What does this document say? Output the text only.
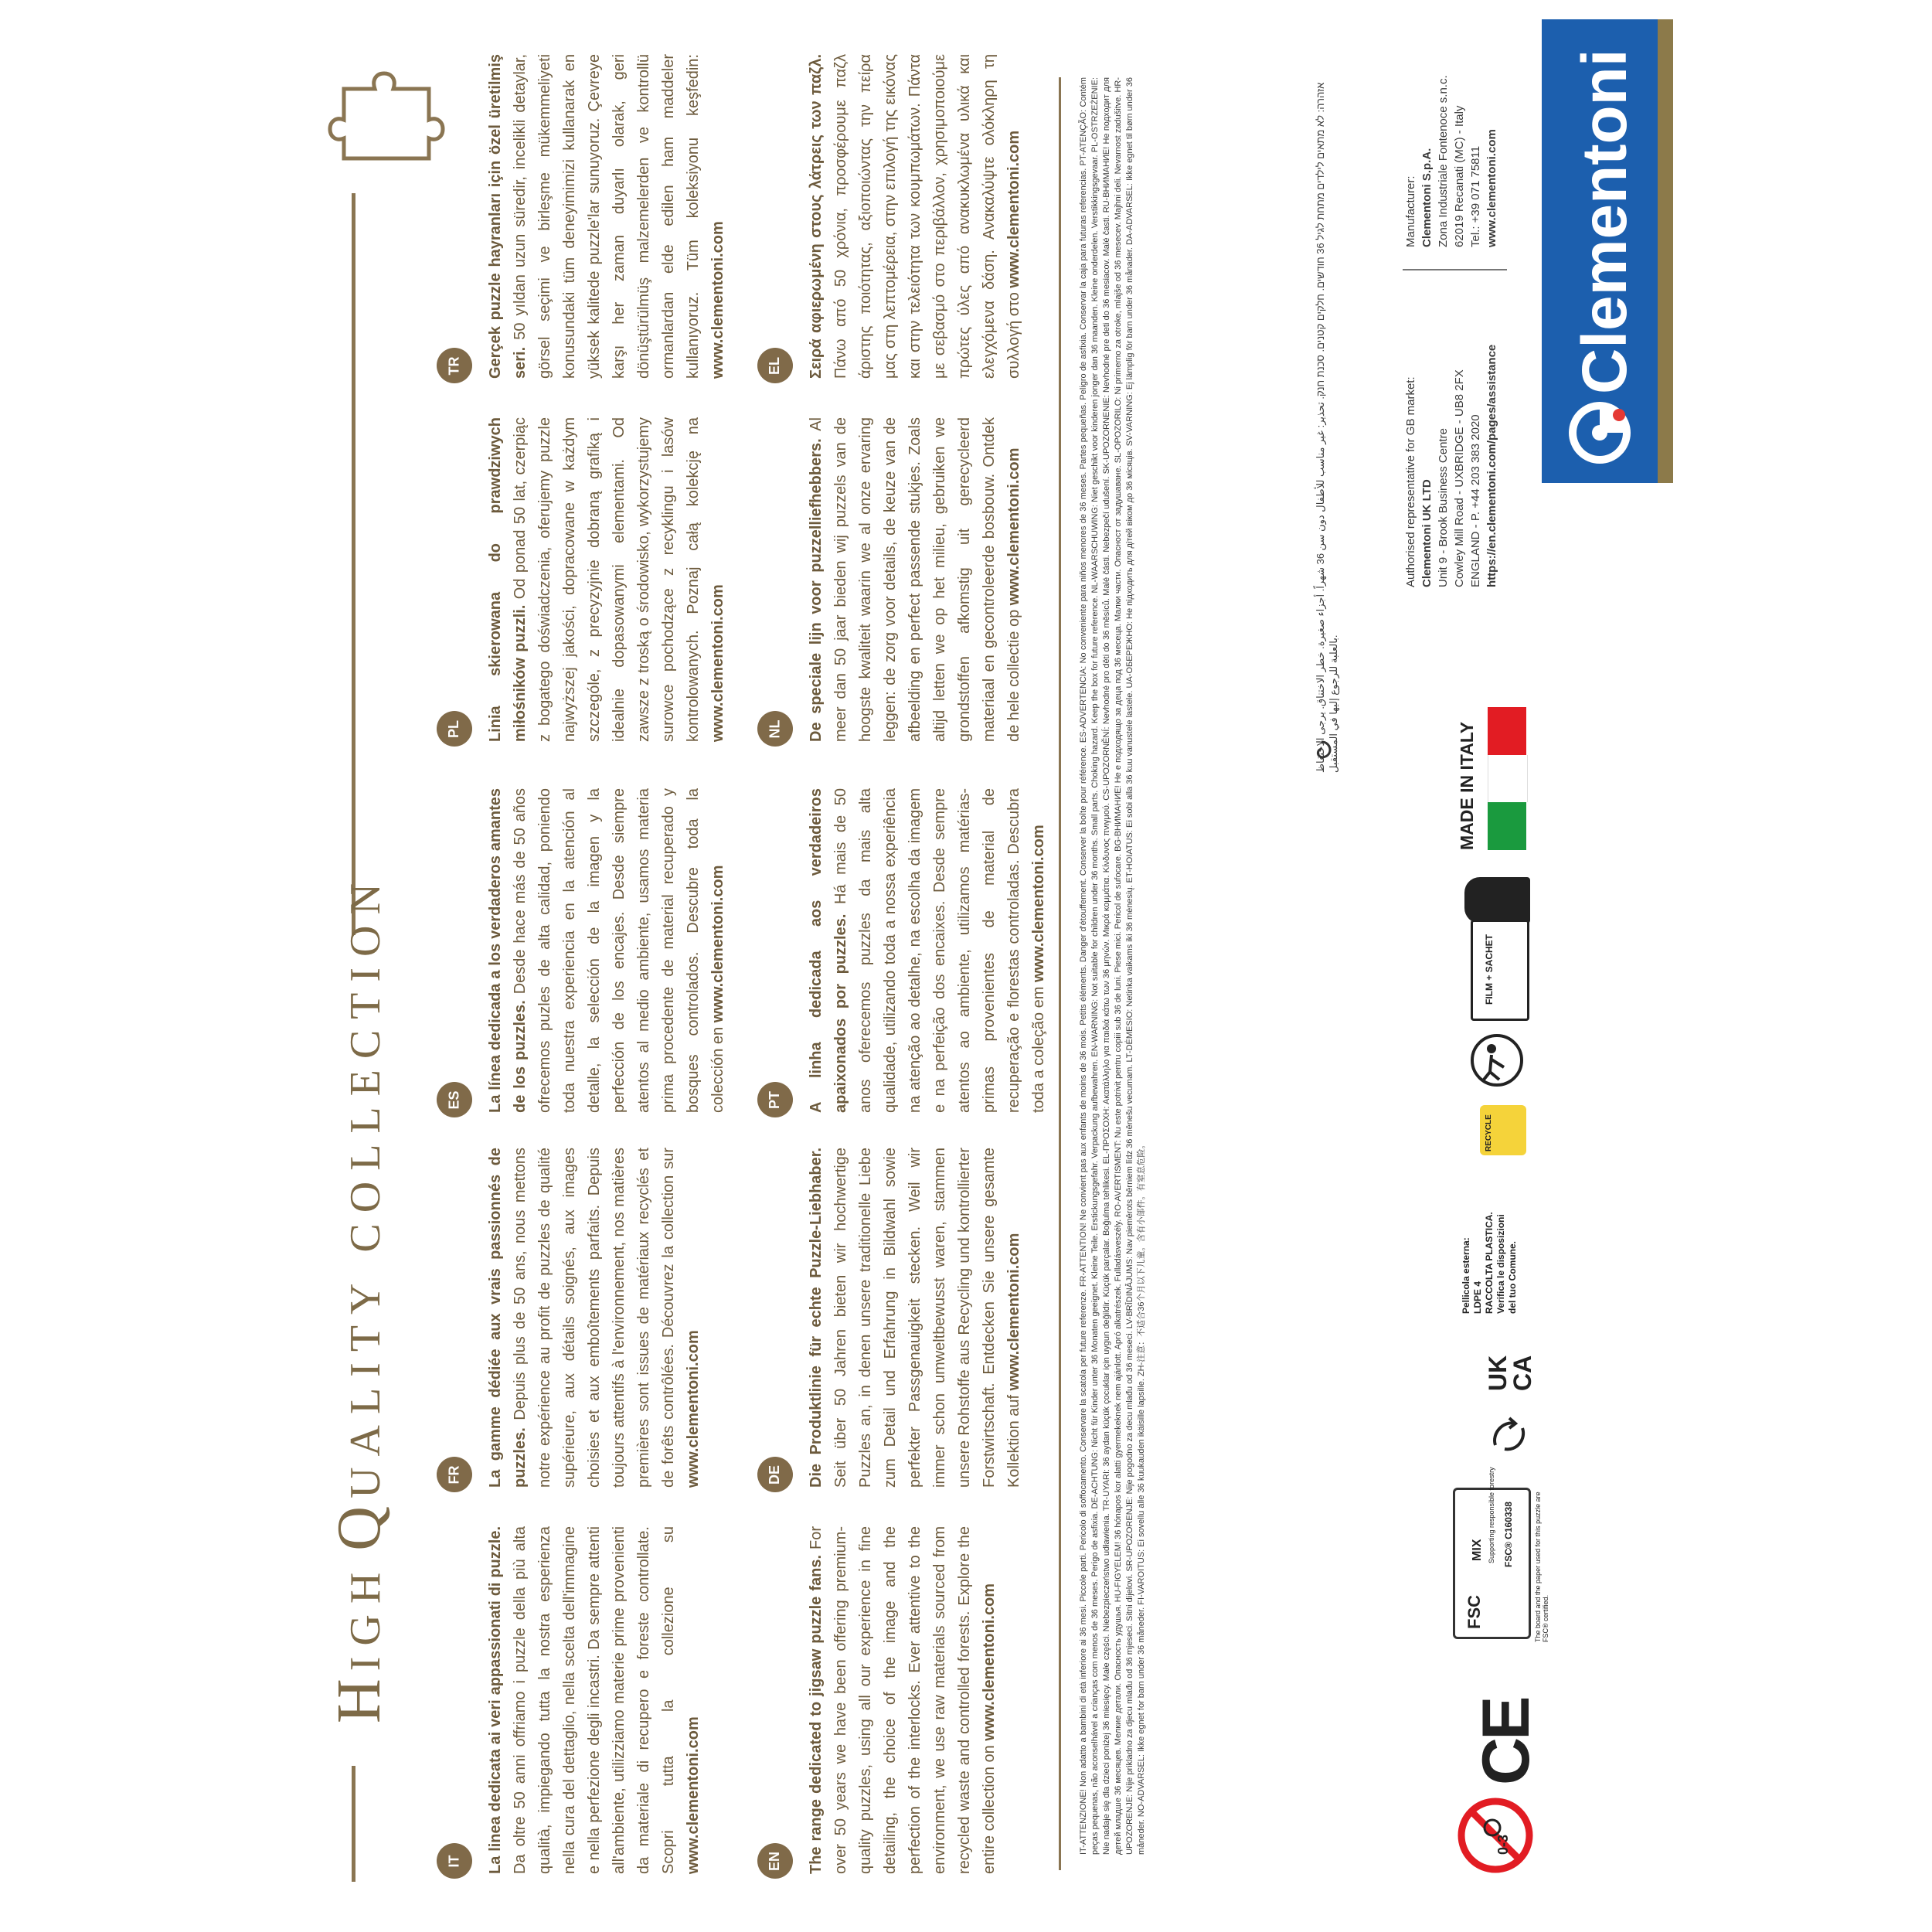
HIGH QUALITY COLLECTION
IT La linea dedicata ai veri appassionati di puzzle. Da oltre 50 anni offriamo i puzzle della più alta qualità, impiegando tutta la nostra esperienza nella cura del dettaglio, nella scelta dell'immagine e nella perfezione degli incastri. Da sempre attenti all'ambiente, utilizziamo materie prime provenienti da materiale di recupero e foreste controllate. Scopri tutta la collezione su www.clementoni.com
FR La gamme dédiée aux vrais passionnés de puzzles. Depuis plus de 50 ans, nous mettons notre expérience au profit de puzzles de qualité supérieure, aux détails soignés, aux images choisies et aux emboîtements parfaits. Depuis toujours attentifs à l'environnement, nos matières premières sont issues de matériaux recyclés et de forêts contrôlées. Découvrez la collection sur www.clementoni.com
ES La línea dedicada a los verdaderos amantes de los puzzles. Desde hace más de 50 años ofrecemos puzles de alta calidad, poniendo toda nuestra experiencia en la atención al detalle, la selección de la imagen y la perfección de los encajes. Desde siempre atentos al medio ambiente, usamos materia prima procedente de material recuperado y bosques controlados. Descubre toda la colección en www.clementoni.com
PL Linia skierowana do prawdziwych miłośników puzzli. Od ponad 50 lat, czerpiąc z bogatego doświadczenia, oferujemy puzzle najwyższej jakości, dopracowane w każdym szczególe, z precyzyjnie dobraną grafiką i idealnie dopasowanymi elementami. Od zawsze z troską o środowisko, wykorzystujemy surowce pochodzące z recyklingu i lasów kontrolowanych. Poznaj całą kolekcję na www.clementoni.com
TR Gerçek puzzle hayranları için özel üretilmiş seri. 50 yıldan uzun süredir, incelikli detaylar, görsel seçimi ve birleşme mükemmeliyeti konusundaki tüm deneyimimizi kullanarak en yüksek kalitede puzzle'lar sunuyoruz. Çevreye karşı her zaman duyarlı olarak, geri dönüştürülmüş malzemelerden ve kontrollü ormanlardan elde edilen ham maddeler kullanıyoruz. Tüm koleksiyonu keşfedin: www.clementoni.com
EN The range dedicated to jigsaw puzzle fans. For over 50 years we have been offering premium-quality puzzles, using all our experience in fine detailing, the choice of the image and the perfection of the interlocks. Ever attentive to the environment, we use raw materials sourced from recycled waste and controlled forests. Explore the entire collection on www.clementoni.com
DE Die Produktlinie für echte Puzzle-Liebhaber. Seit über 50 Jahren bieten wir hochwertige Puzzles an, in denen unsere traditionelle Liebe zum Detail und Erfahrung in Bildwahl sowie perfekter Passgenauigkeit stecken. Weil wir immer schon umweltbewusst waren, stammen unsere Rohstoffe aus Recycling und kontrollierter Forstwirtschaft. Entdecken Sie unsere gesamte Kollektion auf www.clementoni.com
PT A linha dedicada aos verdadeiros apaixonados por puzzles. Há mais de 50 anos oferecemos puzzles da mais alta qualidade, utilizando toda a nossa experiência na atenção ao detalhe, na escolha da imagem e na perfeição dos encaixes. Desde sempre atentos ao ambiente, utilizamos matérias-primas provenientes de material de recuperação e florestas controladas. Descubra toda a coleção em www.clementoni.com
NL De speciale lijn voor puzzelliefhebbers. Al meer dan 50 jaar bieden wij puzzels van de hoogste kwaliteit waarin we al onze ervaring leggen: de zorg voor details, de keuze van de afbeelding en perfect passende stukjes. Zoals altijd letten we op het milieu, gebruiken we grondstoffen afkomstig uit gerecycleerd materiaal en gecontroleerde bosbouw. Ontdek de hele collectie op www.clementoni.com
EL Σειρά αφιερωμένη στους λάτρεις των παζλ. Πάνω από 50 χρόνια, προσφέρουμε παζλ άριστης ποιότητας, αξιοποιώντας την πείρα μας στη λεπτομέρεια, στην επιλογή της εικόνας και στην τελειότητα των κουμπωμάτων. Πάντα με σεβασμό στο περιβάλλον, χρησιμοποιούμε πρώτες ύλες από ανακυκλωμένα υλικά και ελεγχόμενα δάση. Ανακαλύψτε ολόκληρη τη συλλογή στο www.clementoni.com	IT-ATTENZIONE! Non adatto a bambini di età inferiore ai 36 mesi. Piccole parti. Pericolo di soffocamento. Conservare la scatola per future referenze. FR-ATTENTION! Ne convient pas aux enfants de moins de 36 mois. Petits éléments. Danger d'étouffement. Conserver la boîte pour référence. ES-ADVERTENCIA: No conveniente para niños menores de 36 meses. Partes pequeñas. Peligro de asfixia. Conservar la caja para futuras referencias. PT-ATENÇÃO: Contém peças pequenas, não aconselhável a crianças com menos de 36 meses. Perigo de asfixia. DE-ACHTUNG: Nicht für Kinder unter 36 Monaten geeignet. Kleine Teile. Erstickungsgefahr. Verpackung aufbewahren. EN-WARNING: Not suitable for children under 36 months. Small parts. Choking hazard. Keep the box for future reference. NL-WAARSCHUWING: Niet geschikt voor kinderen jonger dan 36 maanden. Kleine onderdelen. Verstikkingsgevaar. PL-OSTRZEŻENIE: Nie nadaje się dla dzieci poniżej 36 miesięcy. Małe części. Niebezpieczeństwo udławienia. TR-UYARI: 36 aydan küçük çocuklar için uygun değildir. Küçük parçalar. Boğulma tehlikesi. EL-ΠΡΟΣΟΧΗ: Ακατάλληλο για παιδιά κάτω των 36 μηνών. Μικρά κομμάτια. Κίνδυνος πνιγμού. CS-UPOZORNĚNÍ: Nevhodné pro děti do 36 měsíců. Malé části. Nebezpečí udušení. SK-UPOZORNENIE: Nevhodné pre deti do 36 mesiacov. Malé časti. RU-ВНИМАНИЕ! Не подходит для детей младше 36 месяцев. Мелкие детали. Опасность удушья. HU-FIGYELEM! 36 hónapos kor alatti gyermekeknek nem ajánlott. Apró alkatrészek. Fulladásveszély. RO-AVERTISMENT: Nu este potrivit pentru copiii sub 36 de luni. Piese mici. Pericol de sufocare. BG-ВНИМАНИЕ! Не е подходящо за деца под 36 месеца. Малки части. Опасност от задушаване. SL-OPOZORILO: Ni primerno za otroke, mlajše od 36 mesecev. Majhni deli. Nevarnost zadušitve. HR-UPOZORENJE: Nije prikladno za djecu mlađu od 36 mjeseci. Sitni dijelovi. SR-UPOZORENJE: Nije pogodno za decu mlađu od 36 meseci. LV-BRĪDINĀJUMS: Nav piemērots bērniem līdz 36 mēnešu vecumam. LT-DĖMESIO: Netinka vaikams iki 36 mėnesių. ET-HOIATUS: Ei sobi alla 36 kuu vanustele lastele. UA-ОБЕРЕЖНО: Не підходить для дітей віком до 36 місяців. SV-VARNING: Ej lämplig för barn under 36 månader. DA-ADVARSEL: Ikke egnet til børn under 36 måneder. NO-ADVARSEL: Ikke egnet for barn under 36 måneder. FI-VAROITUS: Ei sovellu alle 36 kuukauden ikäisille lapsille. ZH-注意：不适合36个月以下儿童。含有小部件。有窒息危险。
אזהרה: לא מתאים לילדים מתחת לגיל 36 חודשים. חלקים קטנים. סכנת חנק. تحذير: غير مناسب للأطفال دون سن 36 شهراً. أجزاء صغيرة. خطر الاختناق. يرجى الاحتفاظ بالعلبة للرجوع إليها في المستقبل.
Authorised representative for GB market: Clementoni UK LTD Unit 9 - Brook Business Centre Cowley Mill Road - UXBRIDGE - UB8 2FX ENGLAND - P. +44 203 383 2020 https://en.clementoni.com/pages/assistance
Manufacturer: Clementoni S.p.A. Zona Industriale Fontenoce s.n.c. 62019 Recanati (MC) - Italy Tel.: +39 071 75811 www.clementoni.com Clementoni
0-3
CE
FSC
MIX Supporting responsible forestry FSC® C160338	The board and the paper used for this puzzle are FSC® certified.
UK
CA
Pellicola esterna: LDPE 4 RACCOLTA PLASTICA. Verifica le disposizioni del tuo Comune.
RECYCLE
FILM + SACHET
MADE IN ITALY
